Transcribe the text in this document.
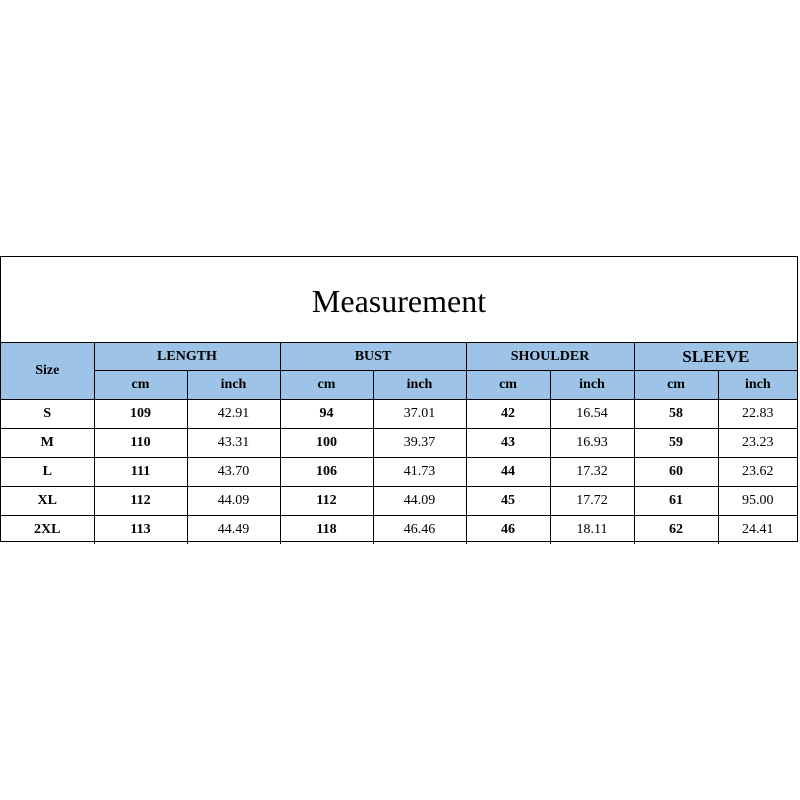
Measurement
Size	LENGTH		BUST		SHOULDER		SLEEVE	
	cm	inch	cm	inch	cm	inch	cm	inch
S	109	42.91	94	37.01	42	16.54	58	22.83
M	110	43.31	100	39.37	43	16.93	59	23.23
L	111	43.70	106	41.73	44	17.32	60	23.62
XL	112	44.09	112	44.09	45	17.72	61	95.00
2XL	113	44.49	118	46.46	46	18.11	62	24.41
